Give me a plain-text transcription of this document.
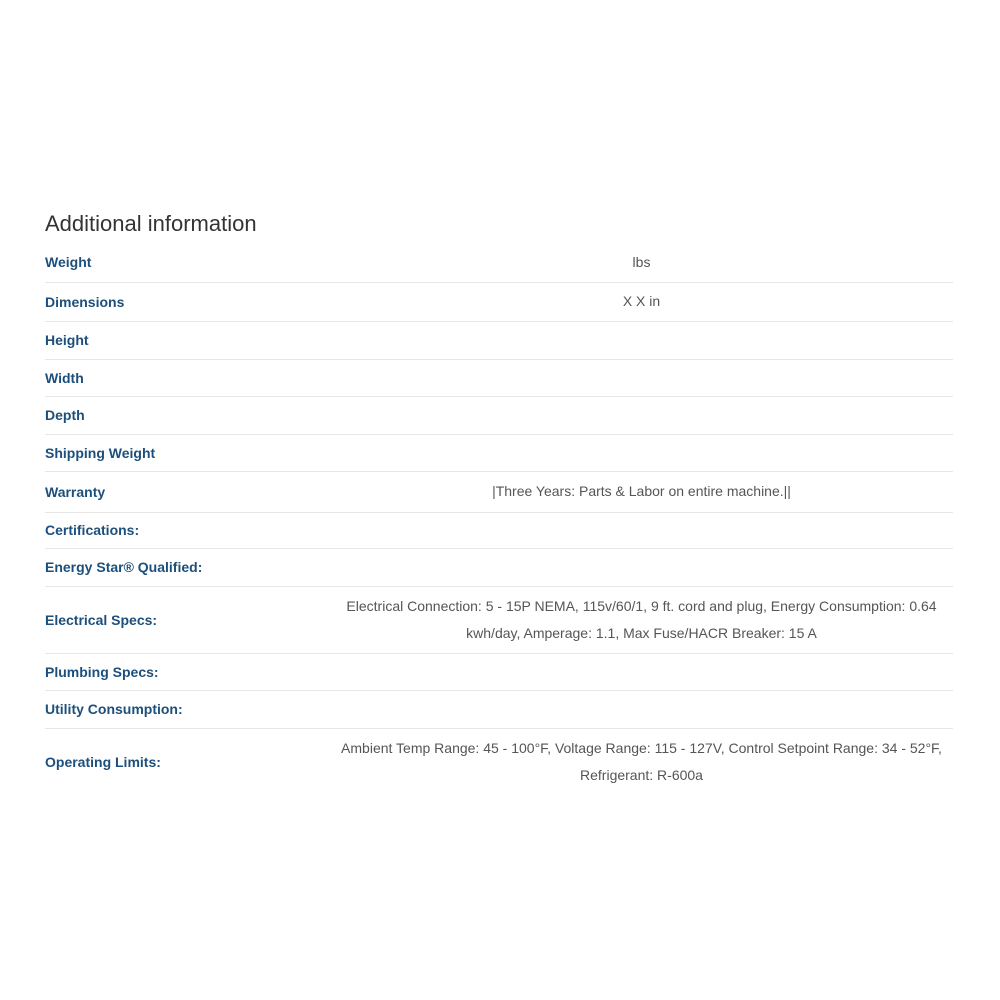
Additional information
Weight	lbs
Dimensions	X X in
Height	
Width	
Depth	
Shipping Weight	
Warranty	|Three Years: Parts & Labor on entire machine.||
Certifications:	
Energy Star® Qualified:	
Electrical Specs:	Electrical Connection: 5 - 15P NEMA, 115v/60/1, 9 ft. cord and plug, Energy Consumption: 0.64 kwh/day, Amperage: 1.1, Max Fuse/HACR Breaker: 15 A
Plumbing Specs:	
Utility Consumption:	
Operating Limits:	Ambient Temp Range: 45 - 100°F, Voltage Range: 115 - 127V, Control Setpoint Range: 34 - 52°F, Refrigerant: R-600a
